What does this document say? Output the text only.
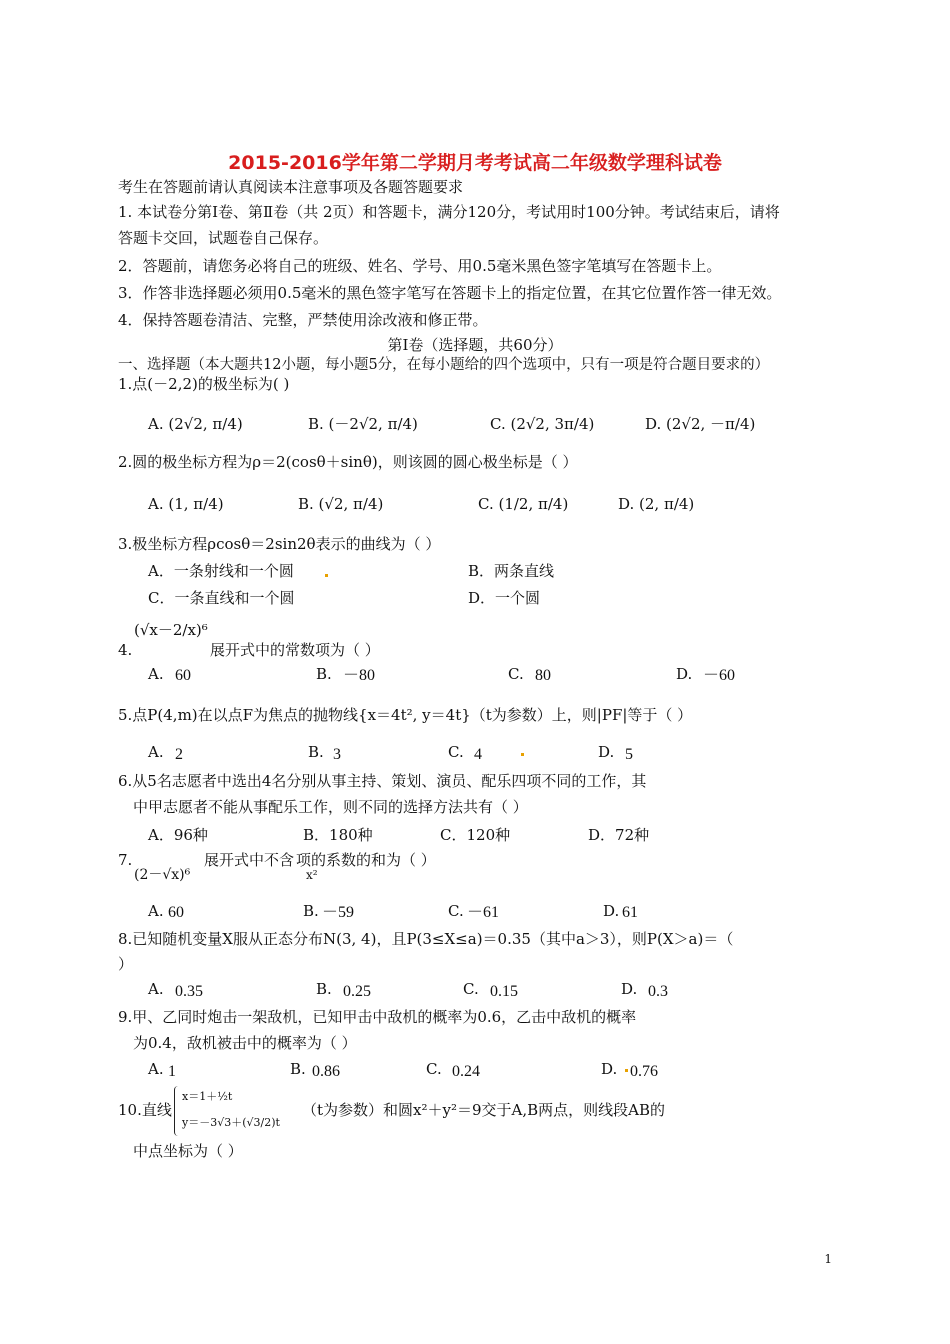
2015-2016学年第二学期月考考试高二年级数学理科试卷
考生在答题前请认真阅读本注意事项及各题答题要求
1. 本试卷分第Ⅰ卷、第Ⅱ卷（共 2页）和答题卡，满分120分，考试用时100分钟。考试结束后，请将
答题卡交回，试题卷自己保存。
2．答题前，请您务必将自己的班级、姓名、学号、用0.5毫米黑色签字笔填写在答题卡上。
3．作答非选择题必须用0.5毫米的黑色签字笔写在答题卡上的指定位置，在其它位置作答一律无效。
4．保持答题卷清洁、完整，严禁使用涂改液和修正带。
第Ⅰ卷（选择题，共60分）
一、选择题（本大题共12小题，每小题5分，在每小题给的四个选项中，只有一项是符合题目要求的）
1.点(－2,2)的极坐标为( )
A. (2√2, π/4)	B. (－2√2, π/4)	C. (2√2, 3π/4)	D. (2√2, －π/4)
2.圆的极坐标方程为ρ＝2(cosθ＋sinθ)，则该圆的圆心极坐标是（ ）
A. (1, π/4)	B. (√2, π/4)	C. (1/2, π/4)	D. (2, π/4)
3.极坐标方程ρcosθ＝2sin2θ表示的曲线为（ ）
A．一条射线和一个圆	B．两条直线
C．一条直线和一个圆	D．一个圆
(√x－2/x)⁶
4.	展开式中的常数项为（ ）
A. 60	B. －80	C. 80	D. －60
5.点P(4,m)在以点F为焦点的抛物线{x＝4t², y＝4t}（t为参数）上，则|PF|等于（ ）
A. 2	B. 3	C. 4	D. 5
6.从5名志愿者中选出4名分别从事主持、策划、演员、配乐四项不同的工作，其
中甲志愿者不能从事配乐工作，则不同的选择方法共有（ ）
A．96种	B．180种	C．120种	D．72种
7.	展开式中不含 项的系数的和为（ ）
x²
(2－√x)⁶
A. 60	B. －59	C. －61	D. 61
8.已知随机变量X服从正态分布N(3, 4)，且P(3≤X≤a)＝0.35（其中a＞3），则P(X＞a)＝（
）
A. 0.35	B. 0.25	C. 0.15	D. 0.3
9.甲、乙同时炮击一架敌机，已知甲击中敌机的概率为0.6，乙击中敌机的概率
为0.4，敌机被击中的概率为（ ）
A. 1	B. 0.86	C. 0.24	D. 0.76
10.直线
x＝1＋½t
y＝－3√3＋(√3/2)t
（t为参数）和圆x²＋y²＝9交于A,B两点，则线段AB的
中点坐标为（ ）
1
